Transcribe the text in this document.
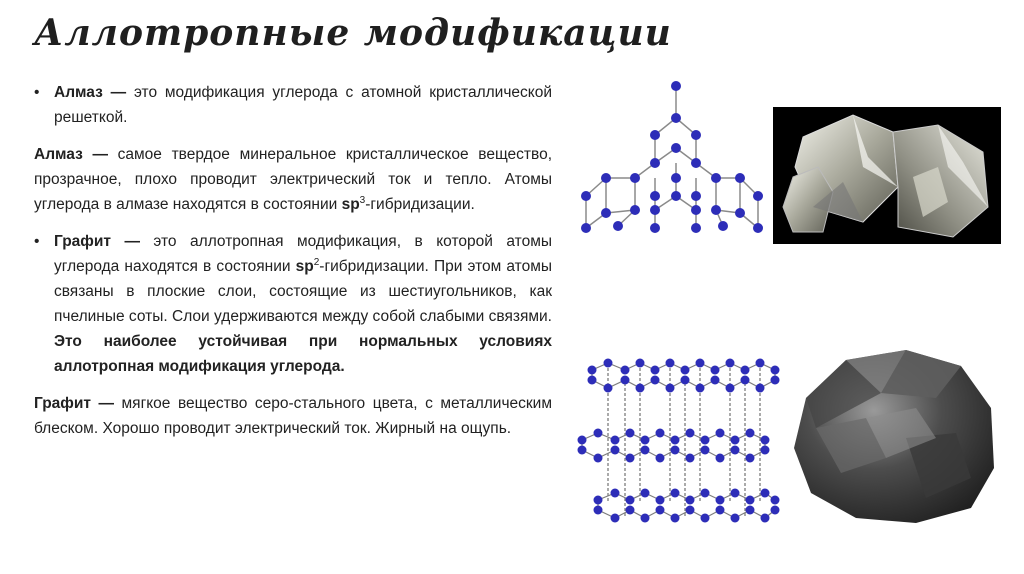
Аллотропные модификации

• Алмаз — это модификация углерода с атомной кристаллической решеткой.

Алмаз — самое твердое минеральное кристаллическое вещество, прозрачное, плохо проводит электрический ток и тепло. Атомы углерода в алмазе находятся в состоянии $sp^3$-гибридизации.

• Графит — это аллотропная модификация, в которой атомы углерода находятся в состоянии $sp^2$-гибридизации. При этом атомы связаны в плоские слои, состоящие из шестиугольников, как пчелиные соты. Слои удерживаются между собой слабыми связями. Это наиболее устойчивая при нормальных условиях аллотропная модификация углерода.

Графит — мягкое вещество серо-стального цвета, с металлическим блеском. Хорошо проводит электрический ток. Жирный на ощупь.
